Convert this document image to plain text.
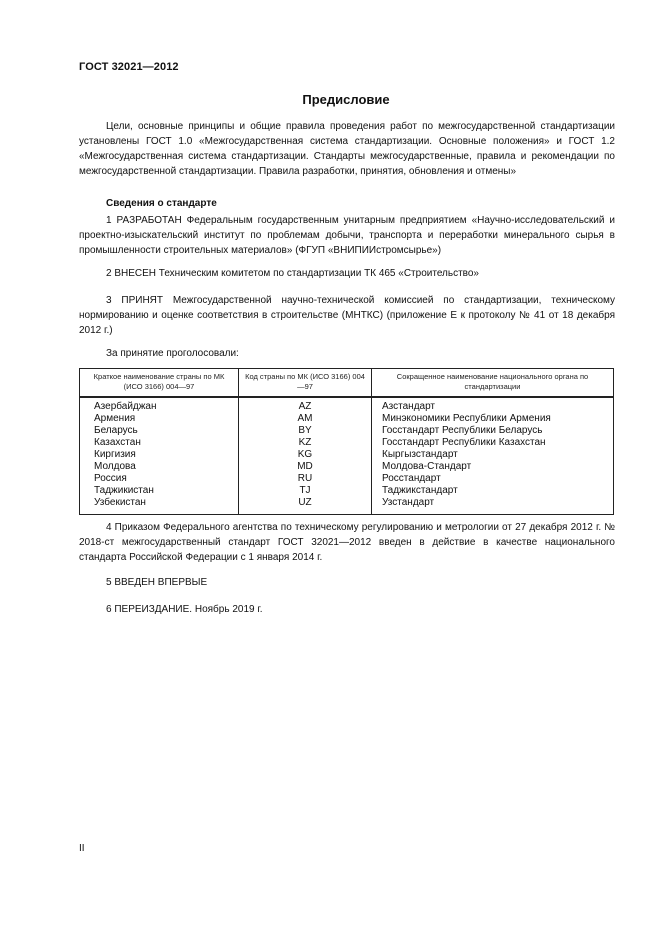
ГОСТ 32021—2012
Предисловие

Цели, основные принципы и общие правила проведения работ по межгосударственной стандартизации установлены ГОСТ 1.0 «Межгосударственная система стандартизации. Основные положения» и ГОСТ 1.2 «Межгосударственная система стандартизации. Стандарты межгосударственные, правила и рекомендации по межгосударственной стандартизации. Правила разработки, принятия, обновления и отмены»

Сведения о стандарте

1 РАЗРАБОТАН Федеральным государственным унитарным предприятием «Научно-исследовательский и проектно-изыскательский институт по проблемам добычи, транспорта и переработки минерального сырья в промышленности строительных материалов» (ФГУП «ВНИПИИстромсырье»)

2 ВНЕСЕН Техническим комитетом по стандартизации ТК 465 «Строительство»

3 ПРИНЯТ Межгосударственной научно-технической комиссией по стандартизации, техническому нормированию и оценке соответствия в строительстве (МНТКС) (приложение Е к протоколу № 41 от 18 декабря 2012 г.)

За принятие проголосовали:
Краткое наименование страны по МК (ИСО 3166) 004—97	Код страны по МК (ИСО 3166) 004—97	Сокращенное наименование национального органа по стандартизации
Азербайджан	AZ	Азстандарт
Армения	AM	Минэкономики Республики Армения
Беларусь	BY	Госстандарт Республики Беларусь
Казахстан	KZ	Госстандарт Республики Казахстан
Киргизия	KG	Кыргызстандарт
Молдова	MD	Молдова-Стандарт
Россия	RU	Росстандарт
Таджикистан	TJ	Таджикстандарт
Узбекистан	UZ	Узстандарт

4 Приказом Федерального агентства по техническому регулированию и метрологии от 27 декабря 2012 г. № 2018-ст межгосударственный стандарт ГОСТ 32021—2012 введен в действие в качестве национального стандарта Российской Федерации с 1 января 2014 г.

5 ВВЕДЕН ВПЕРВЫЕ

6 ПЕРЕИЗДАНИЕ. Ноябрь 2019 г.

II
